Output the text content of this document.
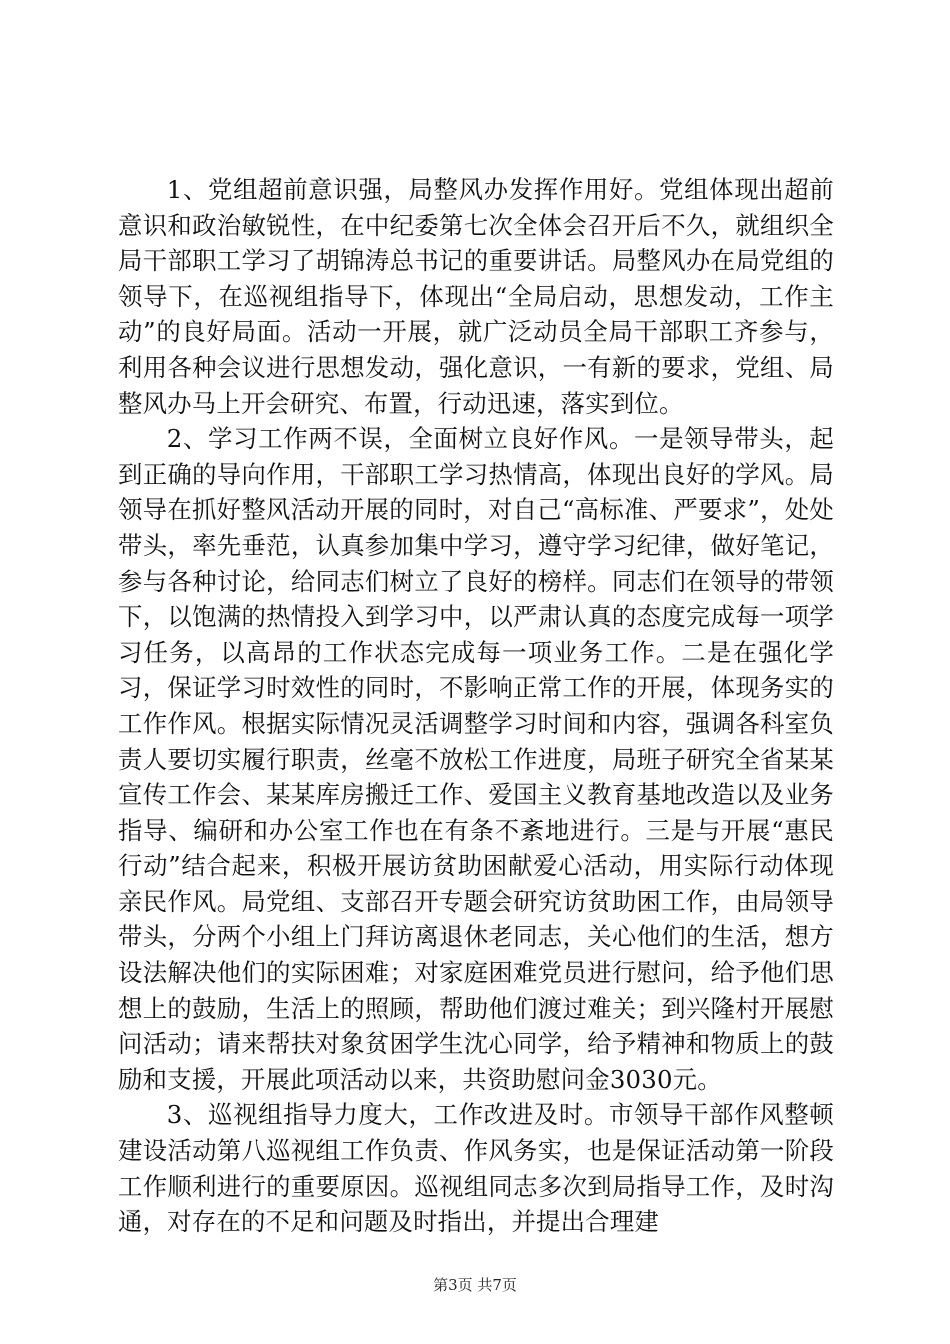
1、党组超前意识强，局整风办发挥作用好。党组体现出超前意识和政治敏锐性，在中纪委第七次全体会召开后不久，就组织全局干部职工学习了胡锦涛总书记的重要讲话。局整风办在局党组的领导下，在巡视组指导下，体现出“全局启动，思想发动，工作主动”的良好局面。活动一开展，就广泛动员全局干部职工齐参与，利用各种会议进行思想发动，强化意识，一有新的要求，党组、局整风办马上开会研究、布置，行动迅速，落实到位。

2、学习工作两不误，全面树立良好作风。一是领导带头，起到正确的导向作用，干部职工学习热情高，体现出良好的学风。局领导在抓好整风活动开展的同时，对自己“高标准、严要求”，处处带头，率先垂范，认真参加集中学习，遵守学习纪律，做好笔记，参与各种讨论，给同志们树立了良好的榜样。同志们在领导的带领下，以饱满的热情投入到学习中，以严肃认真的态度完成每一项学习任务，以高昂的工作状态完成每一项业务工作。二是在强化学习，保证学习时效性的同时，不影响正常工作的开展，体现务实的工作作风。根据实际情况灵活调整学习时间和内容，强调各科室负责人要切实履行职责，丝毫不放松工作进度，局班子研究全省某某宣传工作会、某某库房搬迁工作、爱国主义教育基地改造以及业务指导、编研和办公室工作也在有条不紊地进行。三是与开展“惠民行动”结合起来，积极开展访贫助困献爱心活动，用实际行动体现亲民作风。局党组、支部召开专题会研究访贫助困工作，由局领导带头，分两个小组上门拜访离退休老同志，关心他们的生活，想方设法解决他们的实际困难；对家庭困难党员进行慰问，给予他们思想上的鼓励，生活上的照顾，帮助他们渡过难关；到兴隆村开展慰问活动；请来帮扶对象贫困学生沈心同学，给予精神和物质上的鼓励和支援，开展此项活动以来，共资助慰问金3030元。

3、巡视组指导力度大，工作改进及时。市领导干部作风整顿建设活动第八巡视组工作负责、作风务实，也是保证活动第一阶段工作顺利进行的重要原因。巡视组同志多次到局指导工作，及时沟通，对存在的不足和问题及时指出，并提出合理建

第3页 共7页
